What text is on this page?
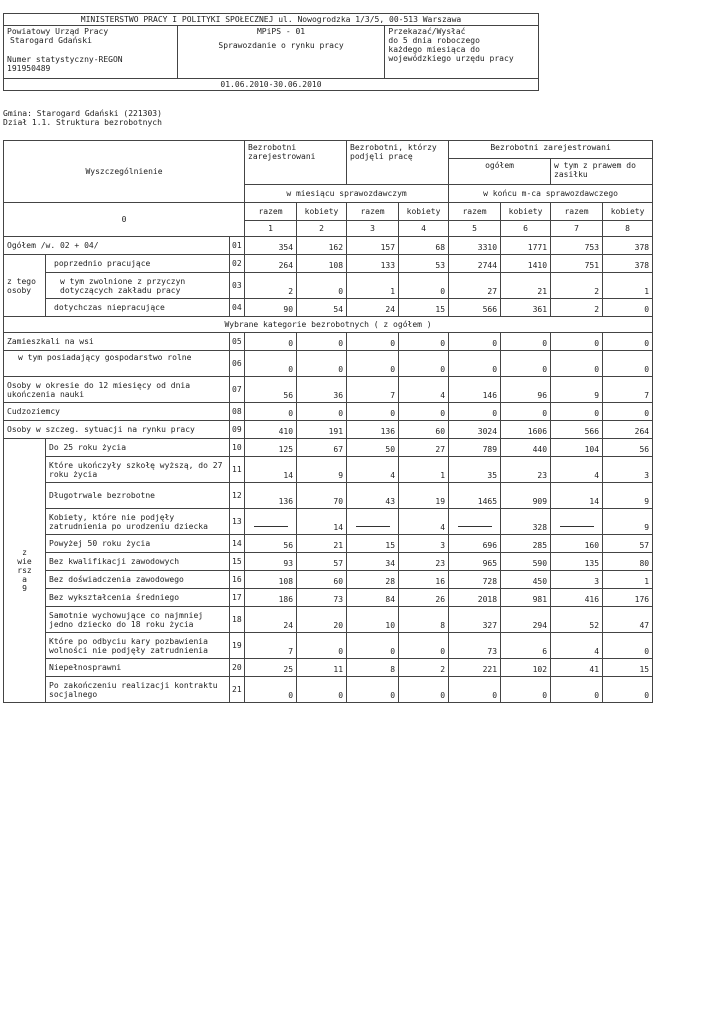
MINISTERSTWO PRACY I POLITYKI SPOŁECZNEJ ul. Nowogrodzka 1/3/5, 00-513 Warszawa

Powiatowy Urząd Pracy
Starogard Gdański
Numer statystyczny-REGON
191950489

MPiPS - 01
Sprawozdanie o rynku pracy

Przekazać/Wysłać
do 5 dnia roboczego
każdego miesiąca do
wojewódzkiego urzędu pracy

01.06.2010-30.06.2010
Gmina: Starogard Gdański (221303)
Dział 1.1. Struktura bezrobotnych
Wyszczególnienie			Bezrobotni zarejestrowani		Bezrobotni, którzy podjęli pracę		Bezrobotni zarejestrowani			
							ogółem		w tym z prawem do zasiłku	
			w miesiącu sprawozdawczym				w końcu m-ca sprawozdawczego			
0			razem	kobiety	razem	kobiety	razem	kobiety	razem	kobiety
			1	2	3	4	5	6	7	8
Ogółem /w. 02 + 04/		01	354	162	157	68	3310	1771	753	378
z tego osoby	poprzednio pracujące	02	264	108	133	53	2744	1410	751	378
	w tym zwolnione z przyczyn dotyczących zakładu pracy	03	2	0	1	0	27	21	2	1
	dotychczas niepracujące	04	90	54	24	15	566	361	2	0
Wybrane kategorie bezrobotnych ( z ogółem )										
Zamieszkali na wsi		05	0	0	0	0	0	0	0	0
w tym posiadający gospodarstwo rolne		06	0	0	0	0	0	0	0	0
Osoby w okresie do 12 miesięcy od dnia ukończenia nauki		07	56	36	7	4	146	96	9	7
Cudzoziemcy		08	0	0	0	0	0	0	0	0
Osoby w szczeg. sytuacji na rynku pracy		09	410	191	136	60	3024	1606	566	264

z
wie
rsz
a
9	Do 25 roku życia	10	125	67	50	27	789	440	104	56
	Które ukończyły szkołę wyższą, do 27 roku życia	11	14	9	4	1	35	23	4	3
	Długotrwale bezrobotne	12	136	70	43	19	1465	909	14	9
	Kobiety, które nie podjęły zatrudnienia po urodzeniu dziecka	13		14		4		328		9
	Powyżej 50 roku życia	14	56	21	15	3	696	285	160	57
	Bez kwalifikacji zawodowych	15	93	57	34	23	965	590	135	80
	Bez doświadczenia zawodowego	16	108	60	28	16	728	450	3	1
	Bez wykształcenia średniego	17	186	73	84	26	2018	981	416	176
	Samotnie wychowujące co najmniej jedno dziecko do 18 roku życia	18	24	20	10	8	327	294	52	47
	Które po odbyciu kary pozbawienia wolności nie podjęły zatrudnienia	19	7	0	0	0	73	6	4	0
	Niepełnosprawni	20	25	11	8	2	221	102	41	15
	Po zakończeniu realizacji kontraktu socjalnego	21	0	0	0	0	0	0	0	0
